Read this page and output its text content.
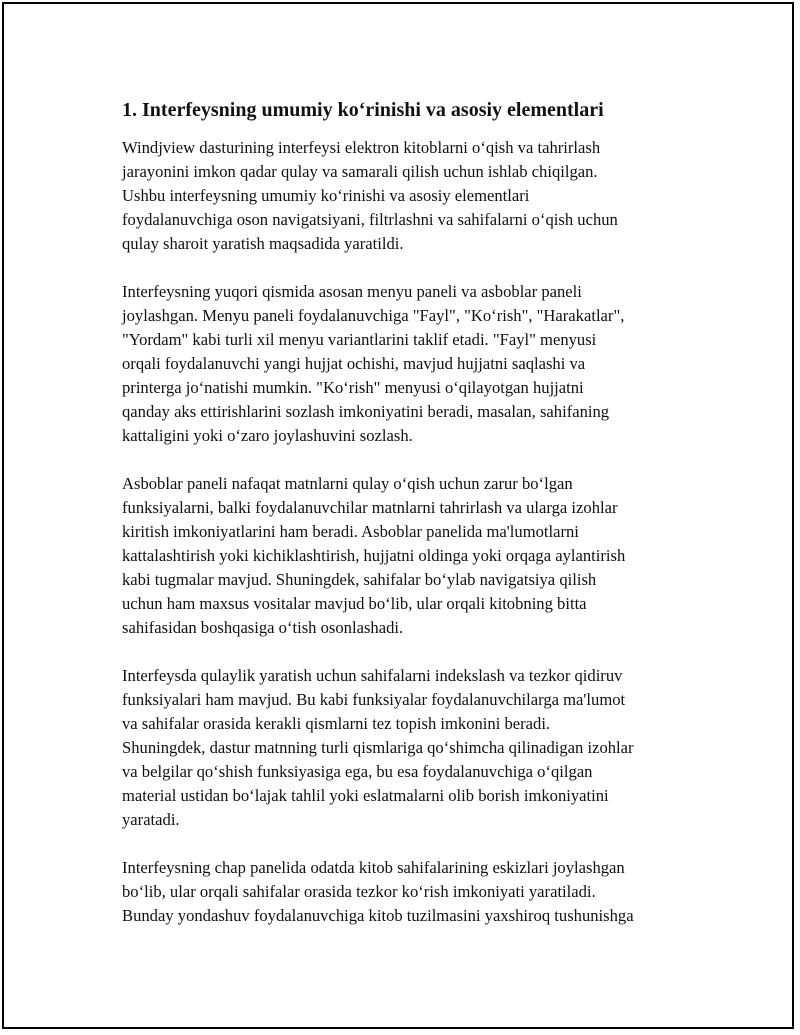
1. Interfeysning umumiy ko‘rinishi va asosiy elementlari

Windjview dasturining interfeysi elektron kitoblarni o‘qish va tahrirlash
jarayonini imkon qadar qulay va samarali qilish uchun ishlab chiqilgan.
Ushbu interfeysning umumiy ko‘rinishi va asosiy elementlari
foydalanuvchiga oson navigatsiyani, filtrlashni va sahifalarni o‘qish uchun
qulay sharoit yaratish maqsadida yaratildi.

Interfeysning yuqori qismida asosan menyu paneli va asboblar paneli
joylashgan. Menyu paneli foydalanuvchiga "Fayl", "Ko‘rish", "Harakatlar",
"Yordam" kabi turli xil menyu variantlarini taklif etadi. "Fayl" menyusi
orqali foydalanuvchi yangi hujjat ochishi, mavjud hujjatni saqlashi va
printerga jo‘natishi mumkin. "Ko‘rish" menyusi o‘qilayotgan hujjatni
qanday aks ettirishlarini sozlash imkoniyatini beradi, masalan, sahifaning
kattaligini yoki o‘zaro joylashuvini sozlash.

Asboblar paneli nafaqat matnlarni qulay o‘qish uchun zarur bo‘lgan
funksiyalarni, balki foydalanuvchilar matnlarni tahrirlash va ularga izohlar
kiritish imkoniyatlarini ham beradi. Asboblar panelida ma'lumotlarni
kattalashtirish yoki kichiklashtirish, hujjatni oldinga yoki orqaga aylantirish
kabi tugmalar mavjud. Shuningdek, sahifalar bo‘ylab navigatsiya qilish
uchun ham maxsus vositalar mavjud bo‘lib, ular orqali kitobning bitta
sahifasidan boshqasiga o‘tish osonlashadi.

Interfeysda qulaylik yaratish uchun sahifalarni indekslash va tezkor qidiruv
funksiyalari ham mavjud. Bu kabi funksiyalar foydalanuvchilarga ma'lumot
va sahifalar orasida kerakli qismlarni tez topish imkonini beradi.
Shuningdek, dastur matnning turli qismlariga qo‘shimcha qilinadigan izohlar
va belgilar qo‘shish funksiyasiga ega, bu esa foydalanuvchiga o‘qilgan
material ustidan bo‘lajak tahlil yoki eslatmalarni olib borish imkoniyatini
yaratadi.

Interfeysning chap panelida odatda kitob sahifalarining eskizlari joylashgan
bo‘lib, ular orqali sahifalar orasida tezkor ko‘rish imkoniyati yaratiladi.
Bunday yondashuv foydalanuvchiga kitob tuzilmasini yaxshiroq tushunishga
